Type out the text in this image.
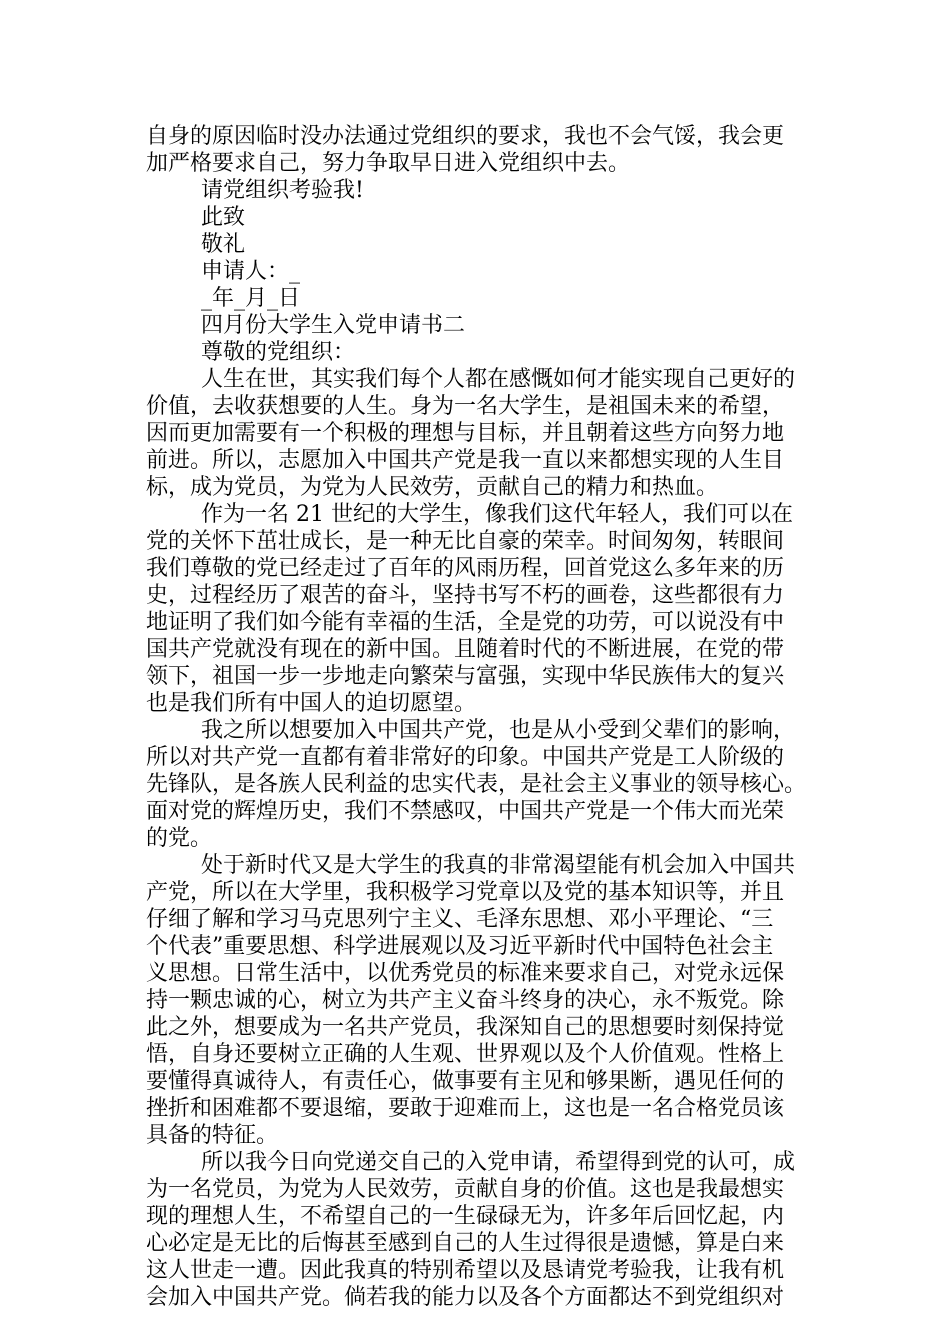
自身的原因临时没办法通过党组织的要求，我也不会气馁，我会更
加严格要求自己，努力争取早日进入党组织中去。
请党组织考验我!
此致
敬礼
申请人：_
_年_月_日
四月份大学生入党申请书二
尊敬的党组织：
人生在世，其实我们每个人都在感慨如何才能实现自己更好的
价值，去收获想要的人生。身为一名大学生，是祖国未来的希望，
因而更加需要有一个积极的理想与目标，并且朝着这些方向努力地
前进。所以，志愿加入中国共产党是我一直以来都想实现的人生目
标，成为党员，为党为人民效劳，贡献自己的精力和热血。
作为一名 21 世纪的大学生，像我们这代年轻人，我们可以在
党的关怀下茁壮成长，是一种无比自豪的荣幸。时间匆匆，转眼间
我们尊敬的党已经走过了百年的风雨历程，回首党这么多年来的历
史，过程经历了艰苦的奋斗，坚持书写不朽的画卷，这些都很有力
地证明了我们如今能有幸福的生活，全是党的功劳，可以说没有中
国共产党就没有现在的新中国。且随着时代的不断进展，在党的带
领下，祖国一步一步地走向繁荣与富强，实现中华民族伟大的复兴
也是我们所有中国人的迫切愿望。
我之所以想要加入中国共产党，也是从小受到父辈们的影响，
所以对共产党一直都有着非常好的印象。中国共产党是工人阶级的
先锋队，是各族人民利益的忠实代表，是社会主义事业的领导核心。
面对党的辉煌历史，我们不禁感叹，中国共产党是一个伟大而光荣
的党。
处于新时代又是大学生的我真的非常渴望能有机会加入中国共
产党，所以在大学里，我积极学习党章以及党的基本知识等，并且
仔细了解和学习马克思列宁主义、毛泽东思想、邓小平理论、“三
个代表”重要思想、科学进展观以及习近平新时代中国特色社会主
义思想。日常生活中，以优秀党员的标准来要求自己，对党永远保
持一颗忠诚的心，树立为共产主义奋斗终身的决心，永不叛党。除
此之外，想要成为一名共产党员，我深知自己的思想要时刻保持觉
悟，自身还要树立正确的人生观、世界观以及个人价值观。性格上
要懂得真诚待人，有责任心，做事要有主见和够果断，遇见任何的
挫折和困难都不要退缩，要敢于迎难而上，这也是一名合格党员该
具备的特征。
所以我今日向党递交自己的入党申请，希望得到党的认可，成
为一名党员，为党为人民效劳，贡献自身的价值。这也是我最想实
现的理想人生，不希望自己的一生碌碌无为，许多年后回忆起，内
心必定是无比的后悔甚至感到自己的人生过得很是遗憾，算是白来
这人世走一遭。因此我真的特别希望以及恳请党考验我，让我有机
会加入中国共产党。倘若我的能力以及各个方面都达不到党组织对
